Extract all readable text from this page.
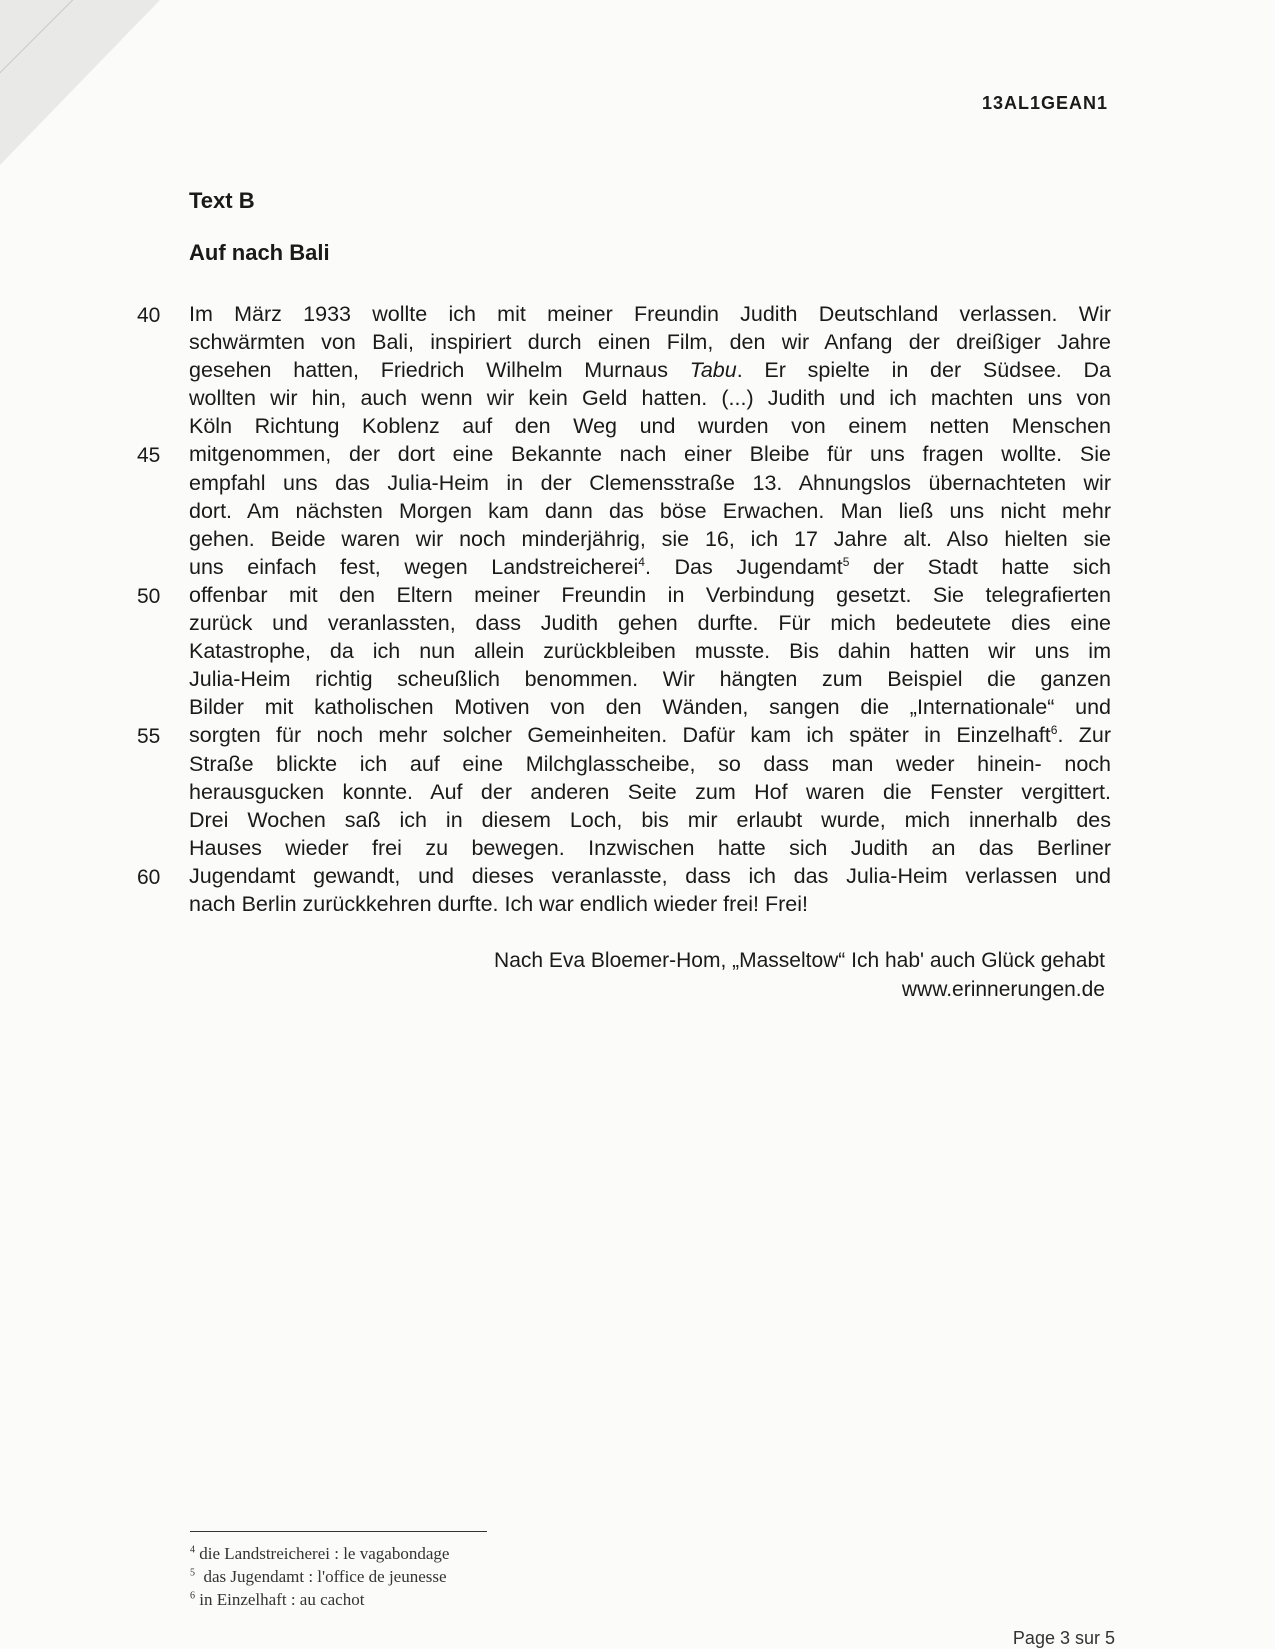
13AL1GEAN1
Text B
Auf nach Bali
40	Im März 1933 wollte ich mit meiner Freundin Judith Deutschland verlassen. Wir
schwärmten von Bali, inspiriert durch einen Film, den wir Anfang der dreißiger Jahre
gesehen hatten, Friedrich Wilhelm Murnaus Tabu. Er spielte in der Südsee. Da
wollten wir hin, auch wenn wir kein Geld hatten. (...) Judith und ich machten uns von
Köln Richtung Koblenz auf den Weg und wurden von einem netten Menschen
45	mitgenommen, der dort eine Bekannte nach einer Bleibe für uns fragen wollte. Sie
empfahl uns das Julia-Heim in der Clemensstraße 13. Ahnungslos übernachteten wir
dort. Am nächsten Morgen kam dann das böse Erwachen. Man ließ uns nicht mehr
gehen. Beide waren wir noch minderjährig, sie 16, ich 17 Jahre alt. Also hielten sie
uns einfach fest, wegen Landstreicherei$^4$. Das Jugendamt$^5$ der Stadt hatte sich
50	offenbar mit den Eltern meiner Freundin in Verbindung gesetzt. Sie telegrafierten
zurück und veranlassten, dass Judith gehen durfte. Für mich bedeutete dies eine
Katastrophe, da ich nun allein zurückbleiben musste. Bis dahin hatten wir uns im
Julia-Heim richtig scheußlich benommen. Wir hängten zum Beispiel die ganzen
Bilder mit katholischen Motiven von den Wänden, sangen die „Internationale“ und
55	sorgten für noch mehr solcher Gemeinheiten. Dafür kam ich später in Einzelhaft$^6$. Zur
Straße blickte ich auf eine Milchglasscheibe, so dass man weder hinein- noch
herausgucken konnte. Auf der anderen Seite zum Hof waren die Fenster vergittert.
Drei Wochen saß ich in diesem Loch, bis mir erlaubt wurde, mich innerhalb des
Hauses wieder frei zu bewegen. Inzwischen hatte sich Judith an das Berliner
60	Jugendamt gewandt, und dieses veranlasste, dass ich das Julia-Heim verlassen und
nach Berlin zurückkehren durfte. Ich war endlich wieder frei! Frei!
Nach Eva Bloemer-Hom, „Masseltow“ Ich hab' auch Glück gehabt
www.erinnerungen.de
$^4$ die Landstreicherei : le vagabondage
$^5$  das Jugendamt : l'office de jeunesse
$^6$ in Einzelhaft : au cachot
Page 3 sur 5
